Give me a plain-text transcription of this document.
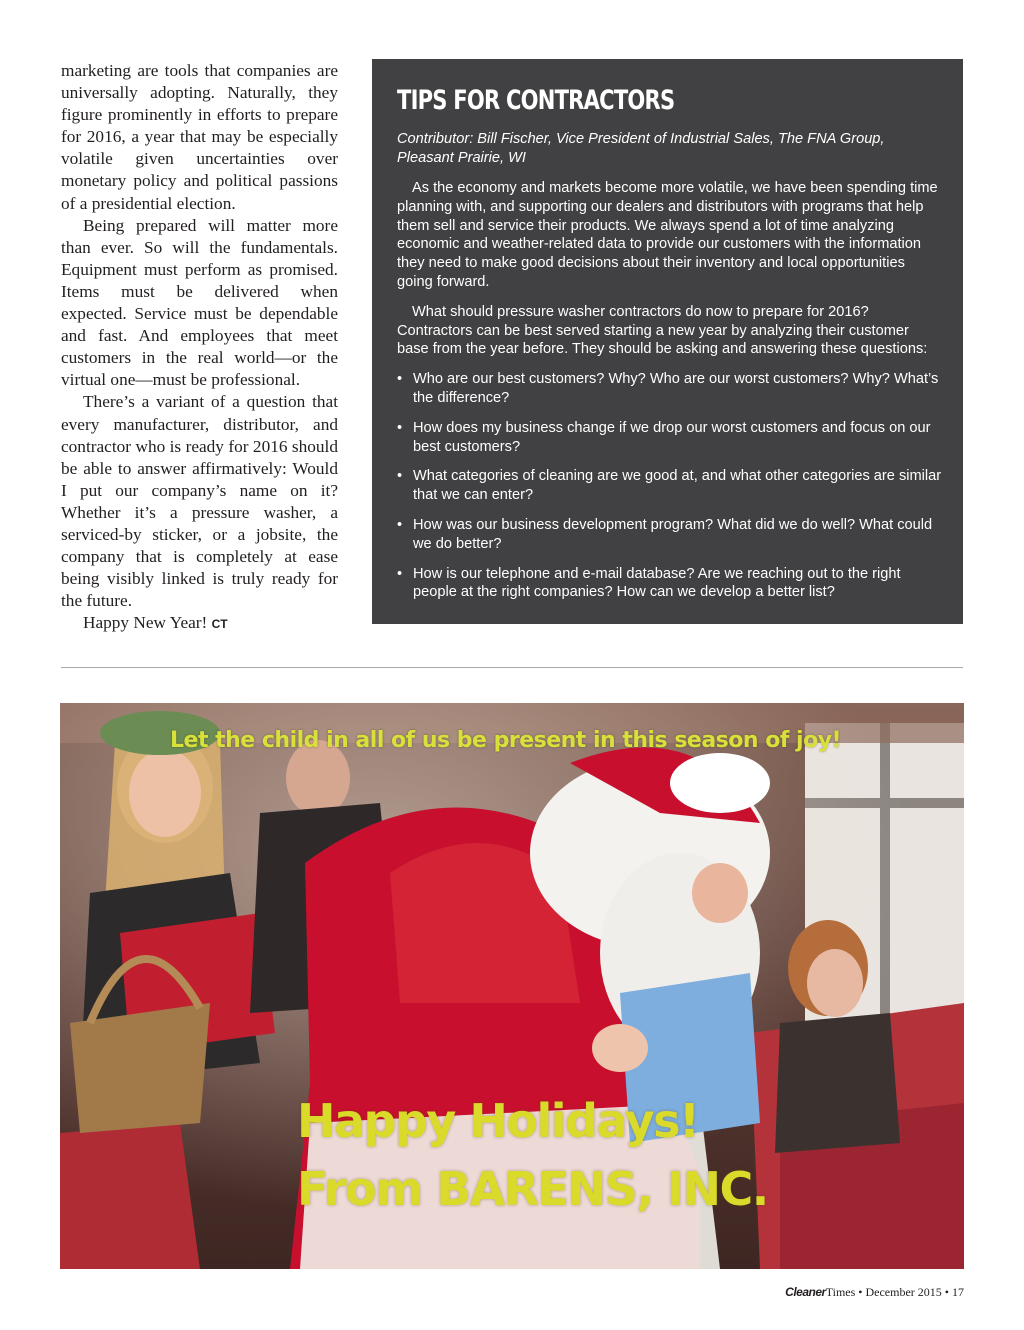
marketing are tools that companies are universally adopting. Naturally, they figure prominently in efforts to prepare for 2016, a year that may be especially volatile given uncertainties over monetary policy and political passions of a presidential election.

Being prepared will matter more than ever. So will the fundamentals. Equipment must perform as promised. Items must be delivered when expected. Service must be dependable and fast. And employees that meet customers in the real world—or the virtual one—must be professional.

There’s a variant of a question that every manufacturer, distributor, and contractor who is ready for 2016 should be able to answer affirmatively: Would I put our company’s name on it? Whether it’s a pressure washer, a serviced-by sticker, or a jobsite, the company that is completely at ease being visibly linked is truly ready for the future.

Happy New Year! CT

TIPS FOR CONTRACTORS

Contributor: Bill Fischer, Vice President of Industrial Sales, The FNA Group, Pleasant Prairie, WI

As the economy and markets become more volatile, we have been spending time planning with, and supporting our dealers and distributors with programs that help them sell and service their products. We always spend a lot of time analyzing economic and weather-related data to provide our customers with the information they need to make good decisions about their inventory and local opportunities going forward.

What should pressure washer contractors do now to prepare for 2016? Contractors can be best served starting a new year by analyzing their customer base from the year before. They should be asking and answering these questions:

• Who are our best customers? Why? Who are our worst customers? Why? What’s the difference?
• How does my business change if we drop our worst customers and focus on our best customers?
• What categories of cleaning are we good at, and what other categories are similar that we can enter?
• How was our business development program? What did we do well? What could we do better?
• How is our telephone and e-mail database? Are we reaching out to the right people at the right companies? How can we develop a better list?

Let the child in all of us be present in this season of joy!

Happy Holidays!

From BARENS, INC.

CleanerTimes • December 2015 • 17
